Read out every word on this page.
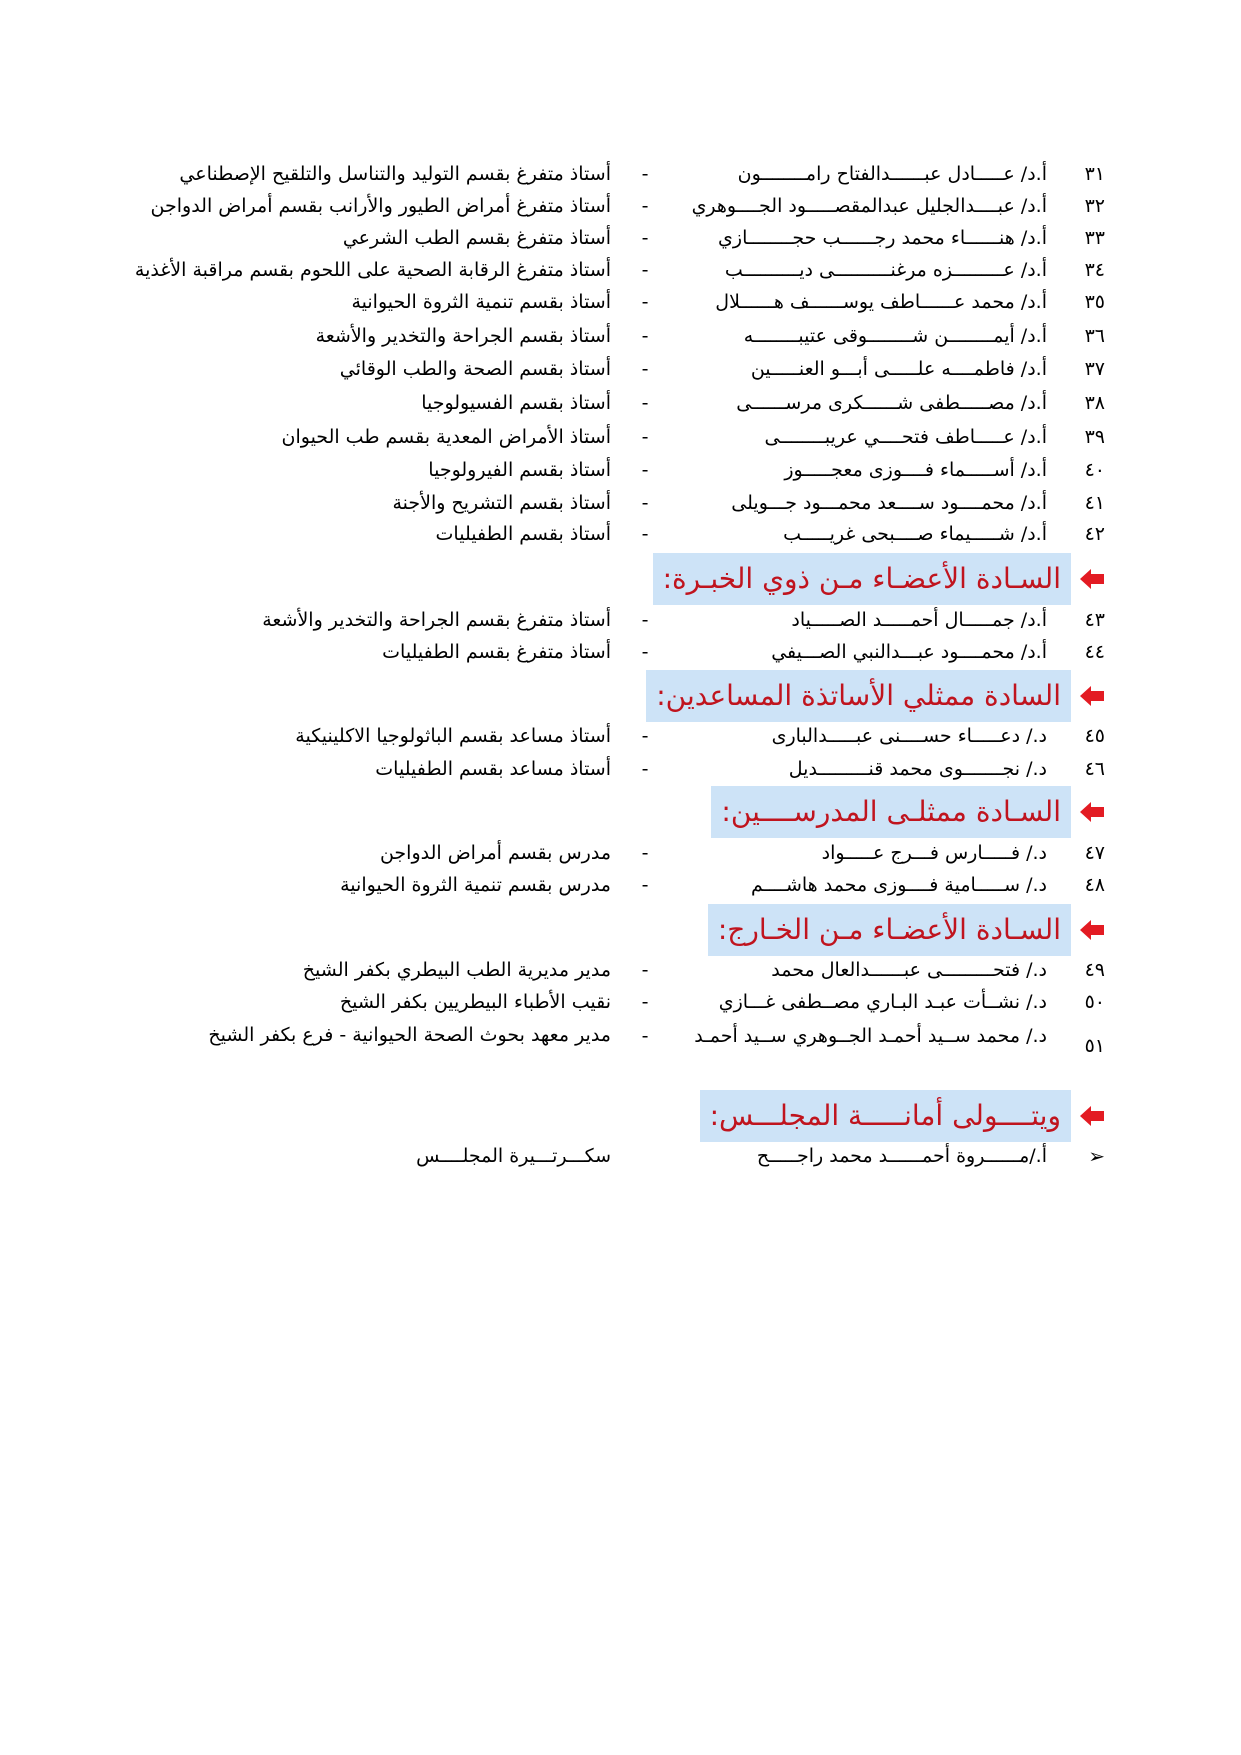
٣١
أ.د/ عـــــادل عبــــــدالفتاح رامــــــــون
-
أستاذ متفرغ بقسم التوليد والتناسل والتلقيح الإصطناعي
٣٢
أ.د/ عبــــدالجليل عبدالمقصـــــود الجــــوهري
-
أستاذ متفرغ أمراض الطيور والأرانب بقسم أمراض الدواجن
٣٣
أ.د/ هنــــــاء محمد رجــــــب حجــــــــازي
-
أستاذ متفرغ بقسم الطب الشرعي
٣٤
أ.د/ عـــــــــزه مرغنــــــــــى ديــــــــــب
-
أستاذ متفرغ الرقابة الصحية على اللحوم بقسم مراقبة الأغذية
٣٥
أ.د/ محمد عــــــاطف يوســــــف هــــــلال
-
أستاذ بقسم تنمية الثروة الحيوانية
٣٦
أ.د/ أيمــــــــن شــــــــوقى عتيبــــــــه
-
أستاذ بقسم الجراحة والتخدير والأشعة
٣٧
أ.د/ فاطمــــه علـــــى أبـــو العنـــــين
-
أستاذ بقسم الصحة والطب الوقائي
٣٨
أ.د/ مصـــــطفى شــــــكرى مرســــــى
-
أستاذ بقسم الفسيولوجيا
٣٩
أ.د/ عـــــاطف فتحــــي عريبــــــــى
-
أستاذ الأمراض المعدية بقسم طب الحيوان
٤٠
أ.د/ أســـــماء فــــوزى معجـــــوز
-
أستاذ بقسم الفيرولوجيا
٤١
أ.د/ محمــــود ســــعد محمـــود جـــويلى
-
أستاذ بقسم التشريح والأجنة
٤٢
أ.د/ شـــــيماء صــــبحى غريـــــب
-
أستاذ بقسم الطفيليات
السـادة الأعضـاء مـن ذوي الخبـرة:
٤٣
أ.د/ جمـــــال أحمـــــد الصـــــياد
-
أستاذ متفرغ بقسم الجراحة والتخدير والأشعة
٤٤
أ.د/ محمــــود عبـــدالنبي الصـــيفي
-
أستاذ متفرغ بقسم الطفيليات
السادة ممثلي الأساتذة المساعدين:
٤٥
د./ دعـــــاء حســــنى عبـــــدالبارى
-
أستاذ مساعد بقسم الباثولوجيا الاكلينيكية
٤٦
د./ نجـــــــوى محمد قنـــــــــديل
-
أستاذ مساعد بقسم الطفيليات
السـادة ممثلـى المدرســــين:
٤٧
د./ فـــــارس فـــرج عـــــواد
-
مدرس بقسم أمراض الدواجن
٤٨
د./ ســـــامية فــــوزى محمد هاشــــم
-
مدرس بقسم تنمية الثروة الحيوانية
السـادة الأعضـاء مـن الخـارج:
٤٩
د./ فتحـــــــــى عبــــــدالعال محمد
-
مدير مديرية الطب البيطري بكفر الشيخ
٥٠
د./ نشــأت عبـد البـاري مصــطفى غـــازي
-
نقيب الأطباء البيطريين بكفر الشيخ
٥١
د./ محمد ســيد أحمـد الجــوهري ســيد أحمـد
-
مدير معهد بحوث الصحة الحيوانية - فرع بكفر الشيخ
ويتــــولى أمانـــــة المجلـــس:
➢
أ./مــــــروة أحمــــــد محمد راجـــــح
سكـــرتـــيرة المجلــــس
